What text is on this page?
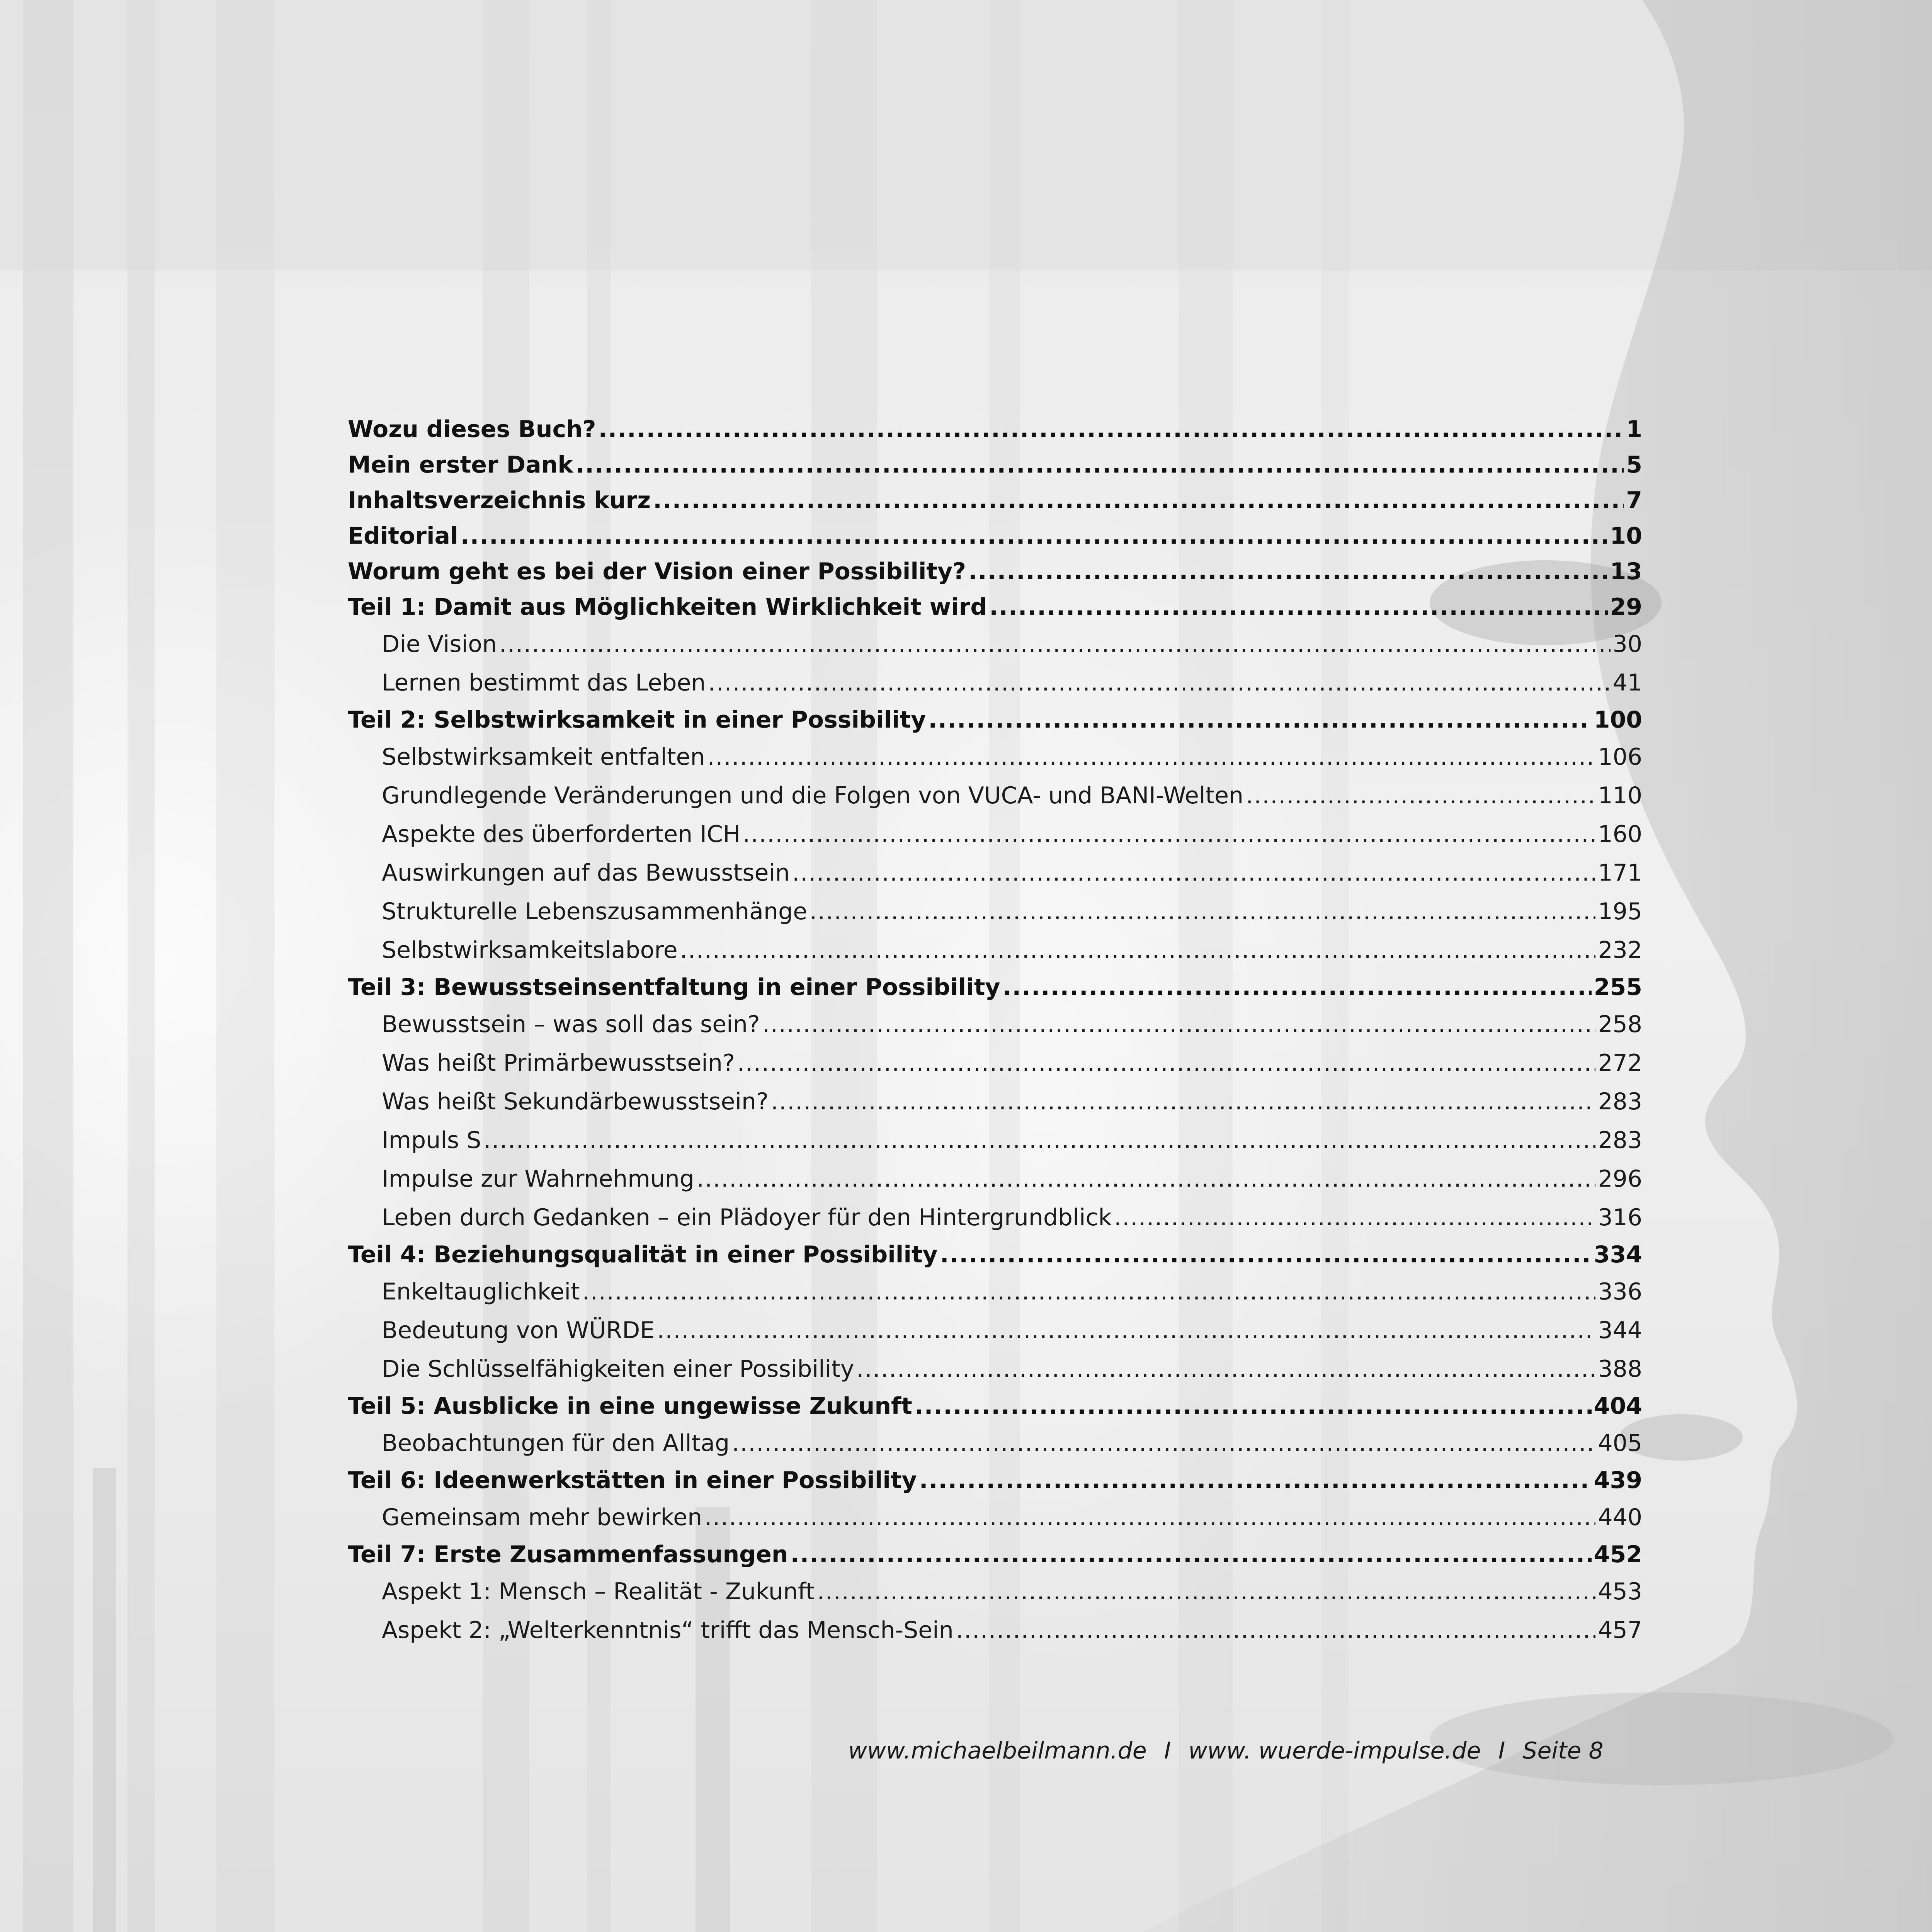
Wozu dieses Buch? .....	1
Mein erster Dank .....	5
Inhaltsverzeichnis kurz .....	7
Editorial .....	10
Worum geht es bei der Vision einer Possibility? .....	13
Teil 1: Damit aus Möglichkeiten Wirklichkeit wird .....	29
Die Vision .....	30
Lernen bestimmt das Leben .....	41
Teil 2: Selbstwirksamkeit in einer Possibility .....	100
Selbstwirksamkeit entfalten .....	106
Grundlegende Veränderungen und die Folgen von VUCA- und BANI-Welten .....	110
Aspekte des überforderten ICH .....	160
Auswirkungen auf das Bewusstsein .....	171
Strukturelle Lebenszusammenhänge .....	195
Selbstwirksamkeitslabore .....	232
Teil 3: Bewusstseinsentfaltung in einer Possibility .....	255
Bewusstsein – was soll das sein? .....	258
Was heißt Primärbewusstsein? .....	272
Was heißt Sekundärbewusstsein? .....	283
Impuls S .....	283
Impulse zur Wahrnehmung .....	296
Leben durch Gedanken – ein Plädoyer für den Hintergrundblick .....	316
Teil 4: Beziehungsqualität in einer Possibility .....	334
Enkeltauglichkeit .....	336
Bedeutung von WÜRDE .....	344
Die Schlüsselfähigkeiten einer Possibility .....	388
Teil 5: Ausblicke in eine ungewisse Zukunft .....	404
Beobachtungen für den Alltag .....	405
Teil 6: Ideenwerkstätten in einer Possibility .....	439
Gemeinsam mehr bewirken .....	440
Teil 7: Erste Zusammenfassungen .....	452
Aspekt 1: Mensch – Realität - Zukunft .....	453
Aspekt 2: „Welterkenntnis“ trifft das Mensch-Sein .....	457
www.michaelbeilmann.de I www. wuerde-impulse.de I Seite 8
